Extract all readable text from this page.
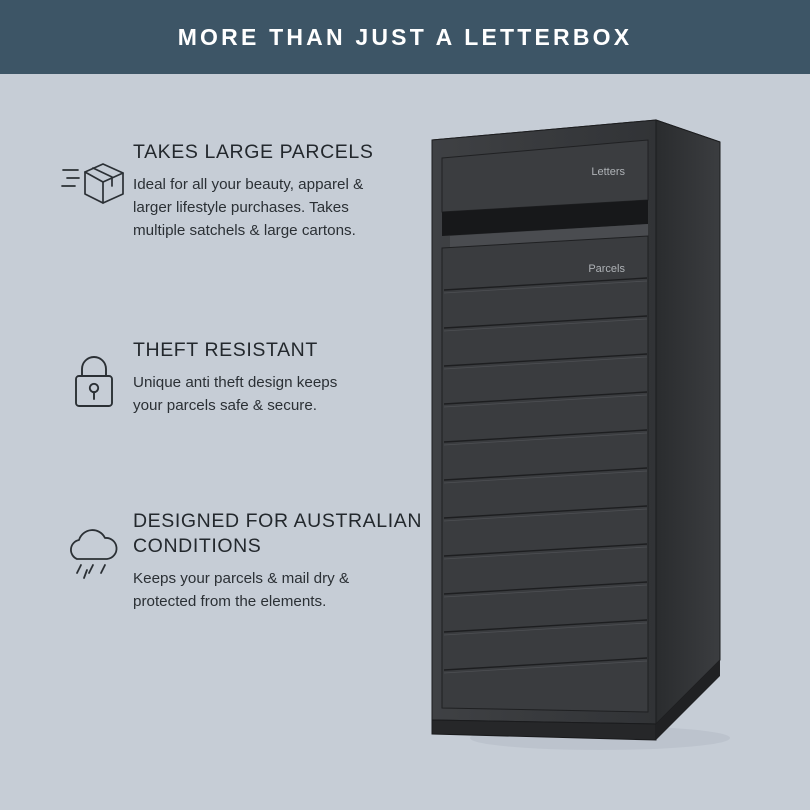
MORE THAN JUST A LETTERBOX

TAKES LARGE PARCELS

Ideal for all your beauty, apparel & larger lifestyle purchases. Takes multiple satchels & large cartons.

THEFT RESISTANT

Unique anti theft design keeps your parcels safe & secure.

DESIGNED FOR AUSTRALIAN CONDITIONS

Keeps your parcels & mail dry & protected from the elements.

Letters
Parcels
